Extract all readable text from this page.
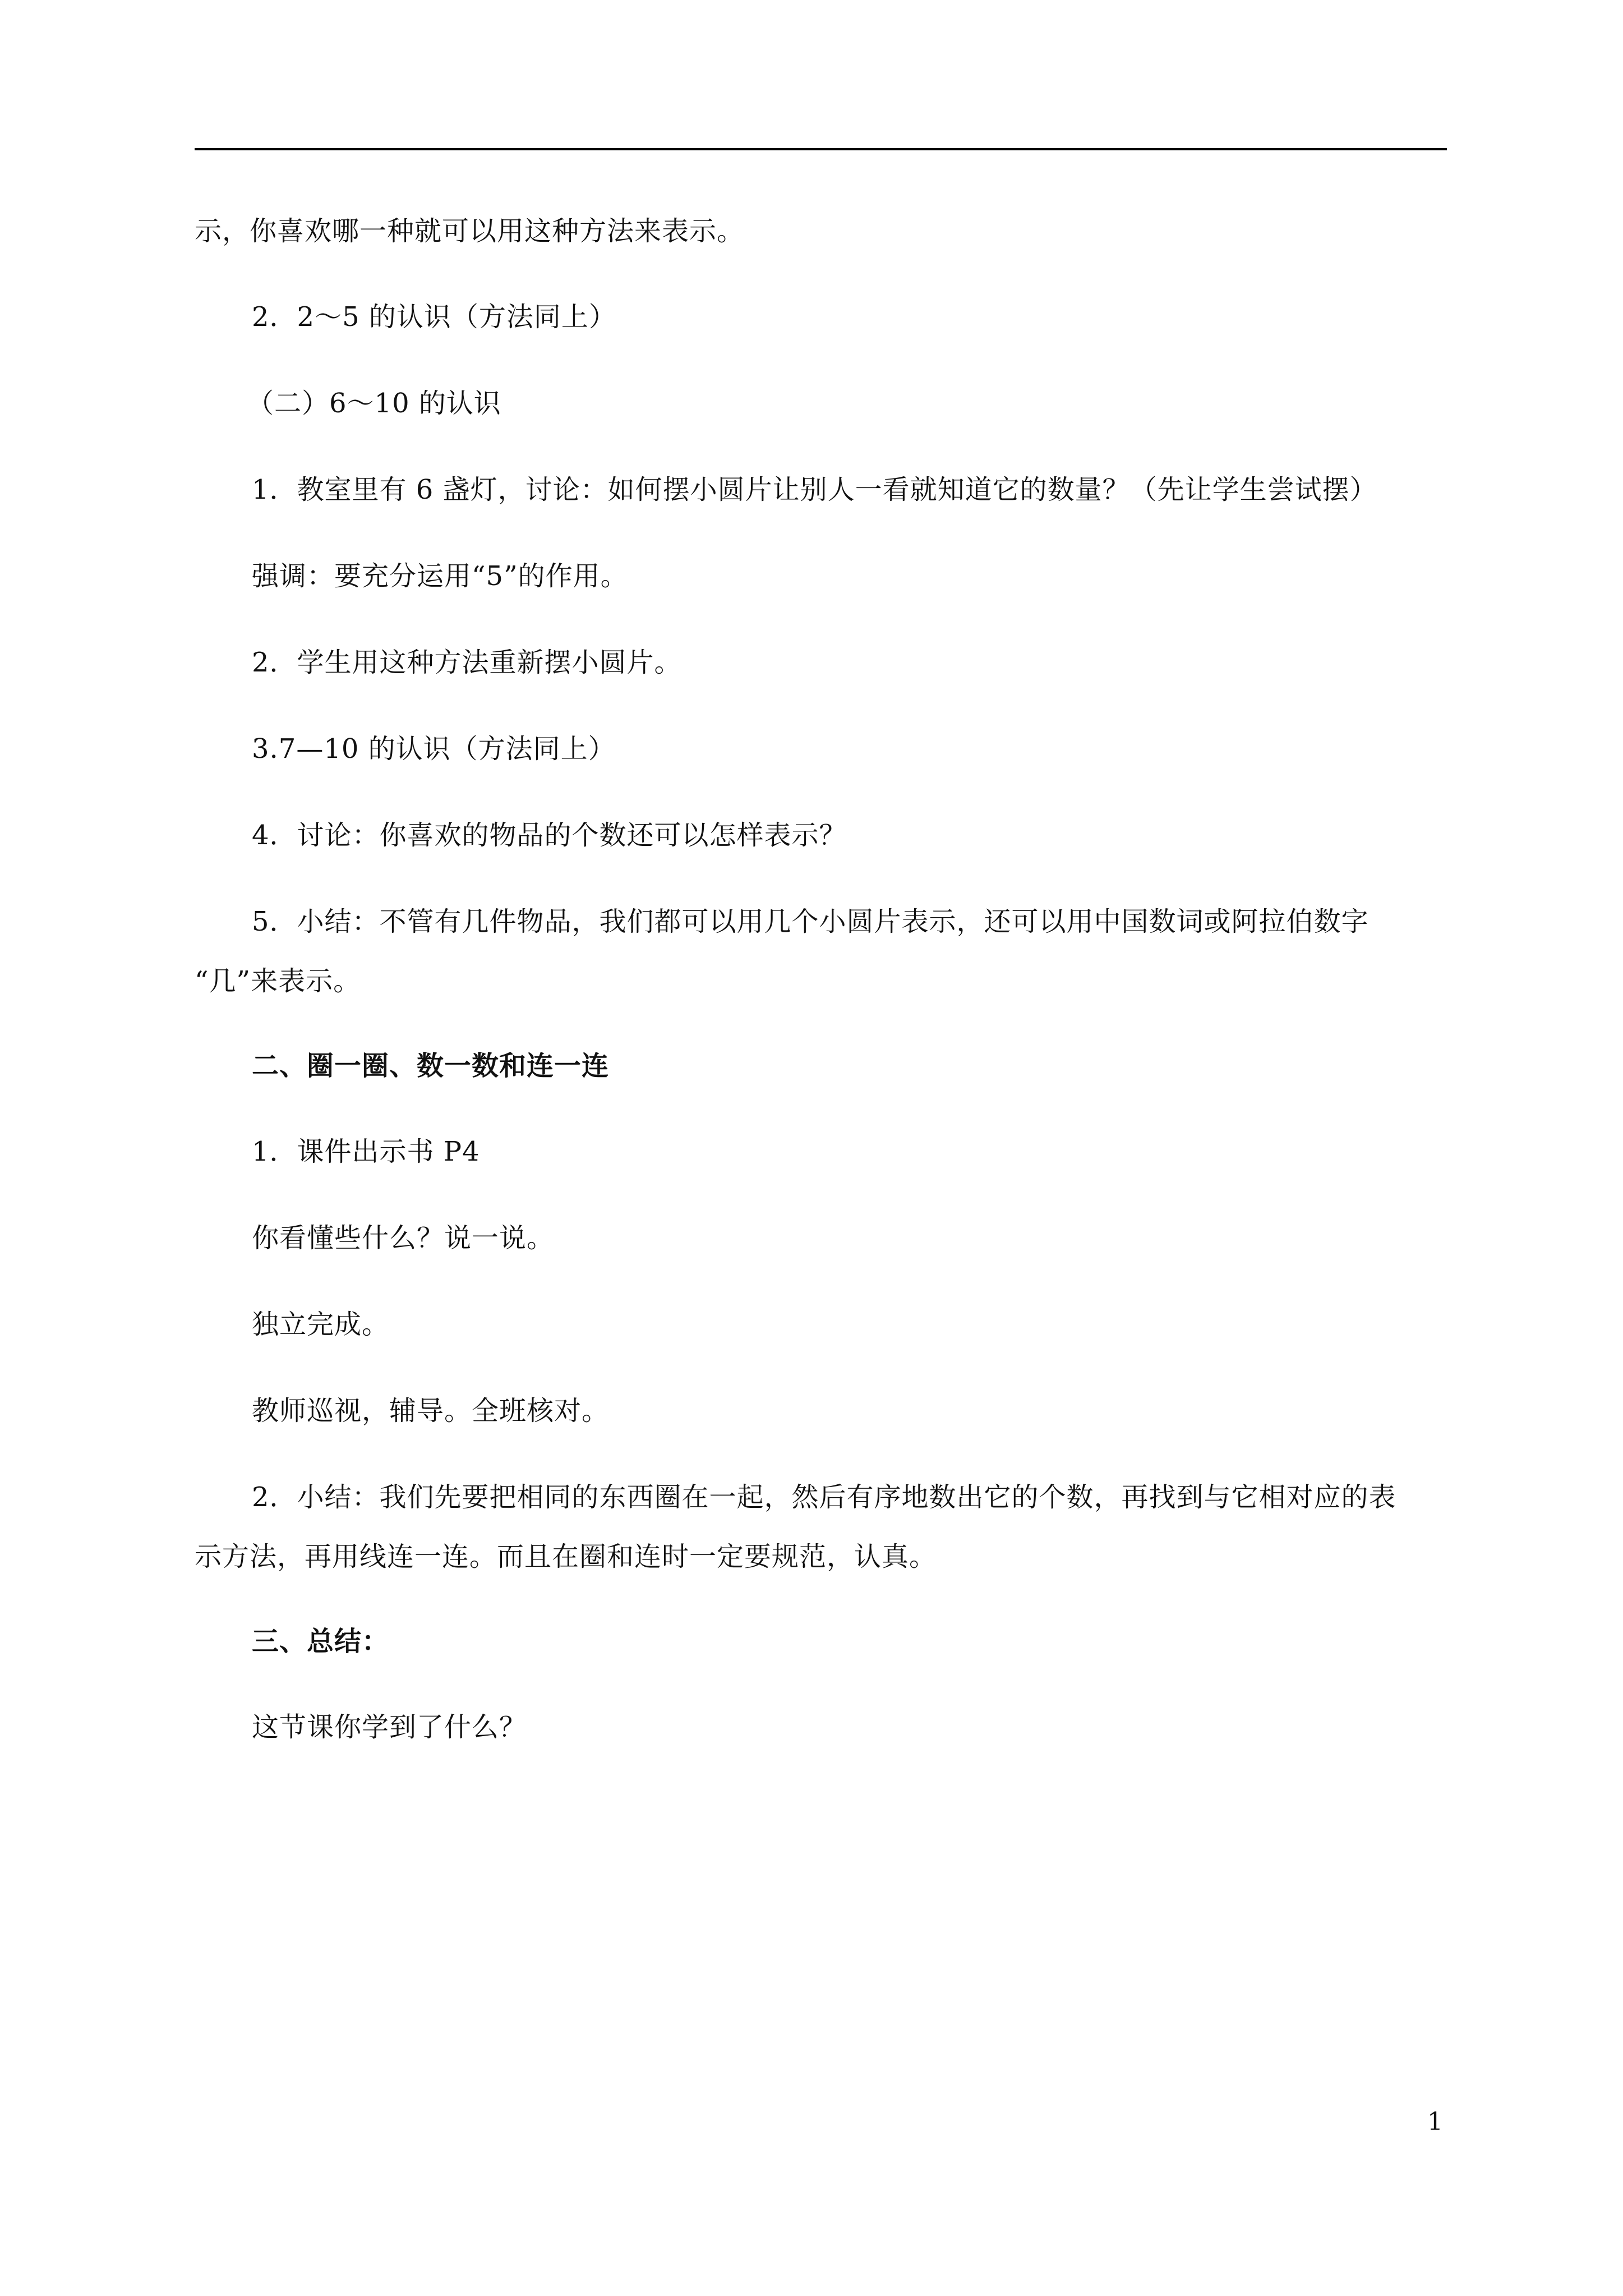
示，你喜欢哪一种就可以用这种方法来表示。
2．2～5 的认识（方法同上）
（二）6～10 的认识
1．教室里有 6 盏灯，讨论：如何摆小圆片让别人一看就知道它的数量？（先让学生尝试摆）
强调：要充分运用“5”的作用。
2．学生用这种方法重新摆小圆片。
3.7—10 的认识（方法同上）
4．讨论：你喜欢的物品的个数还可以怎样表示？
5．小结：不管有几件物品，我们都可以用几个小圆片表示，还可以用中国数词或阿拉伯数字
“几”来表示。
二、圈一圈、数一数和连一连
1．课件出示书 P4
你看懂些什么？说一说。
独立完成。
教师巡视，辅导。全班核对。
2．小结：我们先要把相同的东西圈在一起，然后有序地数出它的个数，再找到与它相对应的表
示方法，再用线连一连。而且在圈和连时一定要规范，认真。
三、总结：
这节课你学到了什么？
1
